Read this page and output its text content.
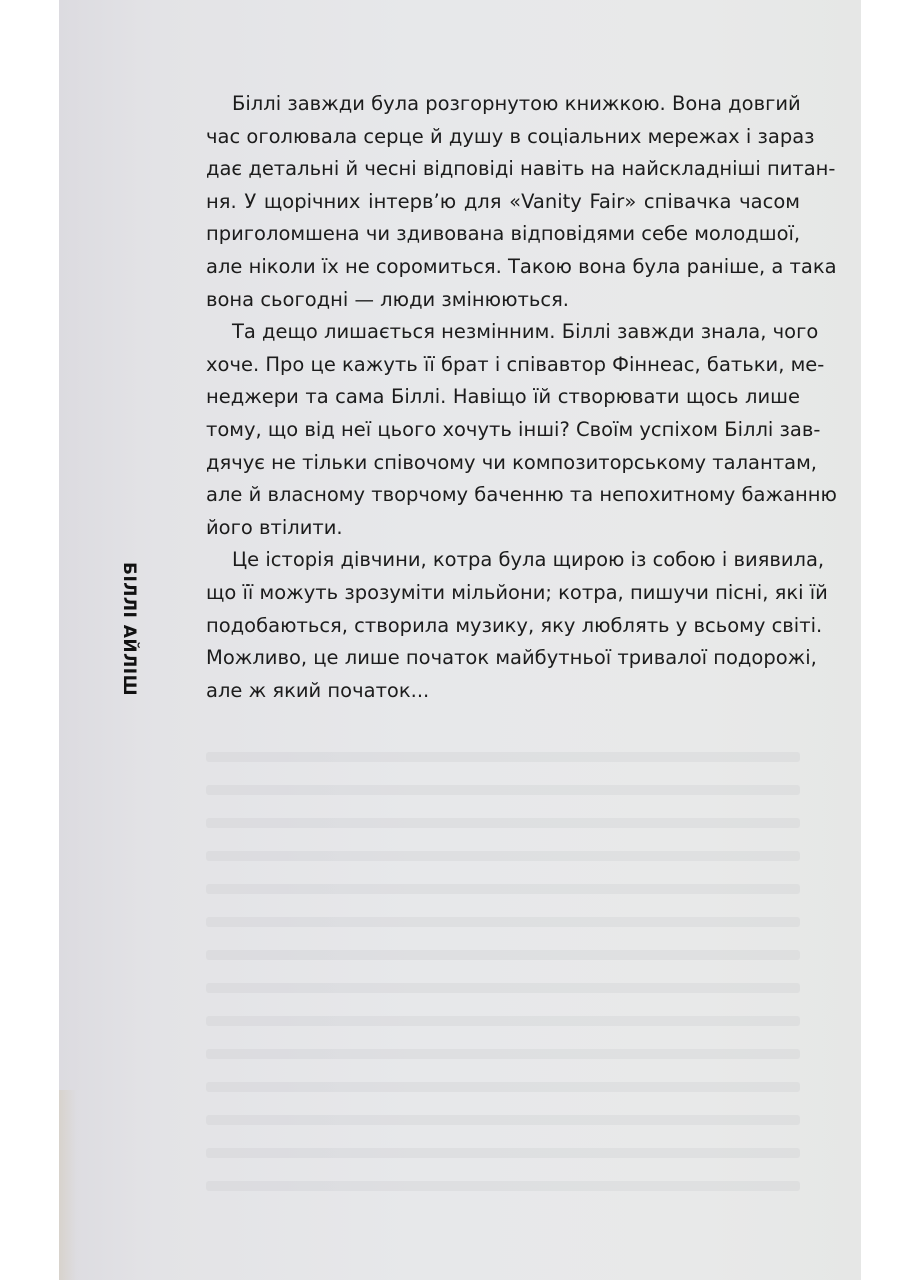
БІЛЛІ АЙЛІШ
Біллі завжди була розгорнутою книжкою. Вона довгий
час оголювала серце й душу в соціальних мережах і зараз
дає детальні й чесні відповіді навіть на найскладніші питан-
ня. У щорічних інтерв’ю для «Vanity Fair» співачка часом
приголомшена чи здивована відповідями себе молодшої,
але ніколи їх не соромиться. Такою вона була раніше, а така
вона сьогодні — люди змінюються.
Та дещо лишається незмінним. Біллі завжди знала, чого
хоче. Про це кажуть її брат і співавтор Фіннеас, батьки, ме-
неджери та сама Біллі. Навіщо їй створювати щось лише
тому, що від неї цього хочуть інші? Своїм успіхом Біллі зав-
дячує не тільки співочому чи композиторському талантам,
але й власному творчому баченню та непохитному бажанню
його втілити.
Це історія дівчини, котра була щирою із собою і виявила,
що її можуть зрозуміти мільйони; котра, пишучи пісні, які їй
подобаються, створила музику, яку люблять у всьому світі.
Можливо, це лише початок майбутньої тривалої подорожі,
але ж який початок...
